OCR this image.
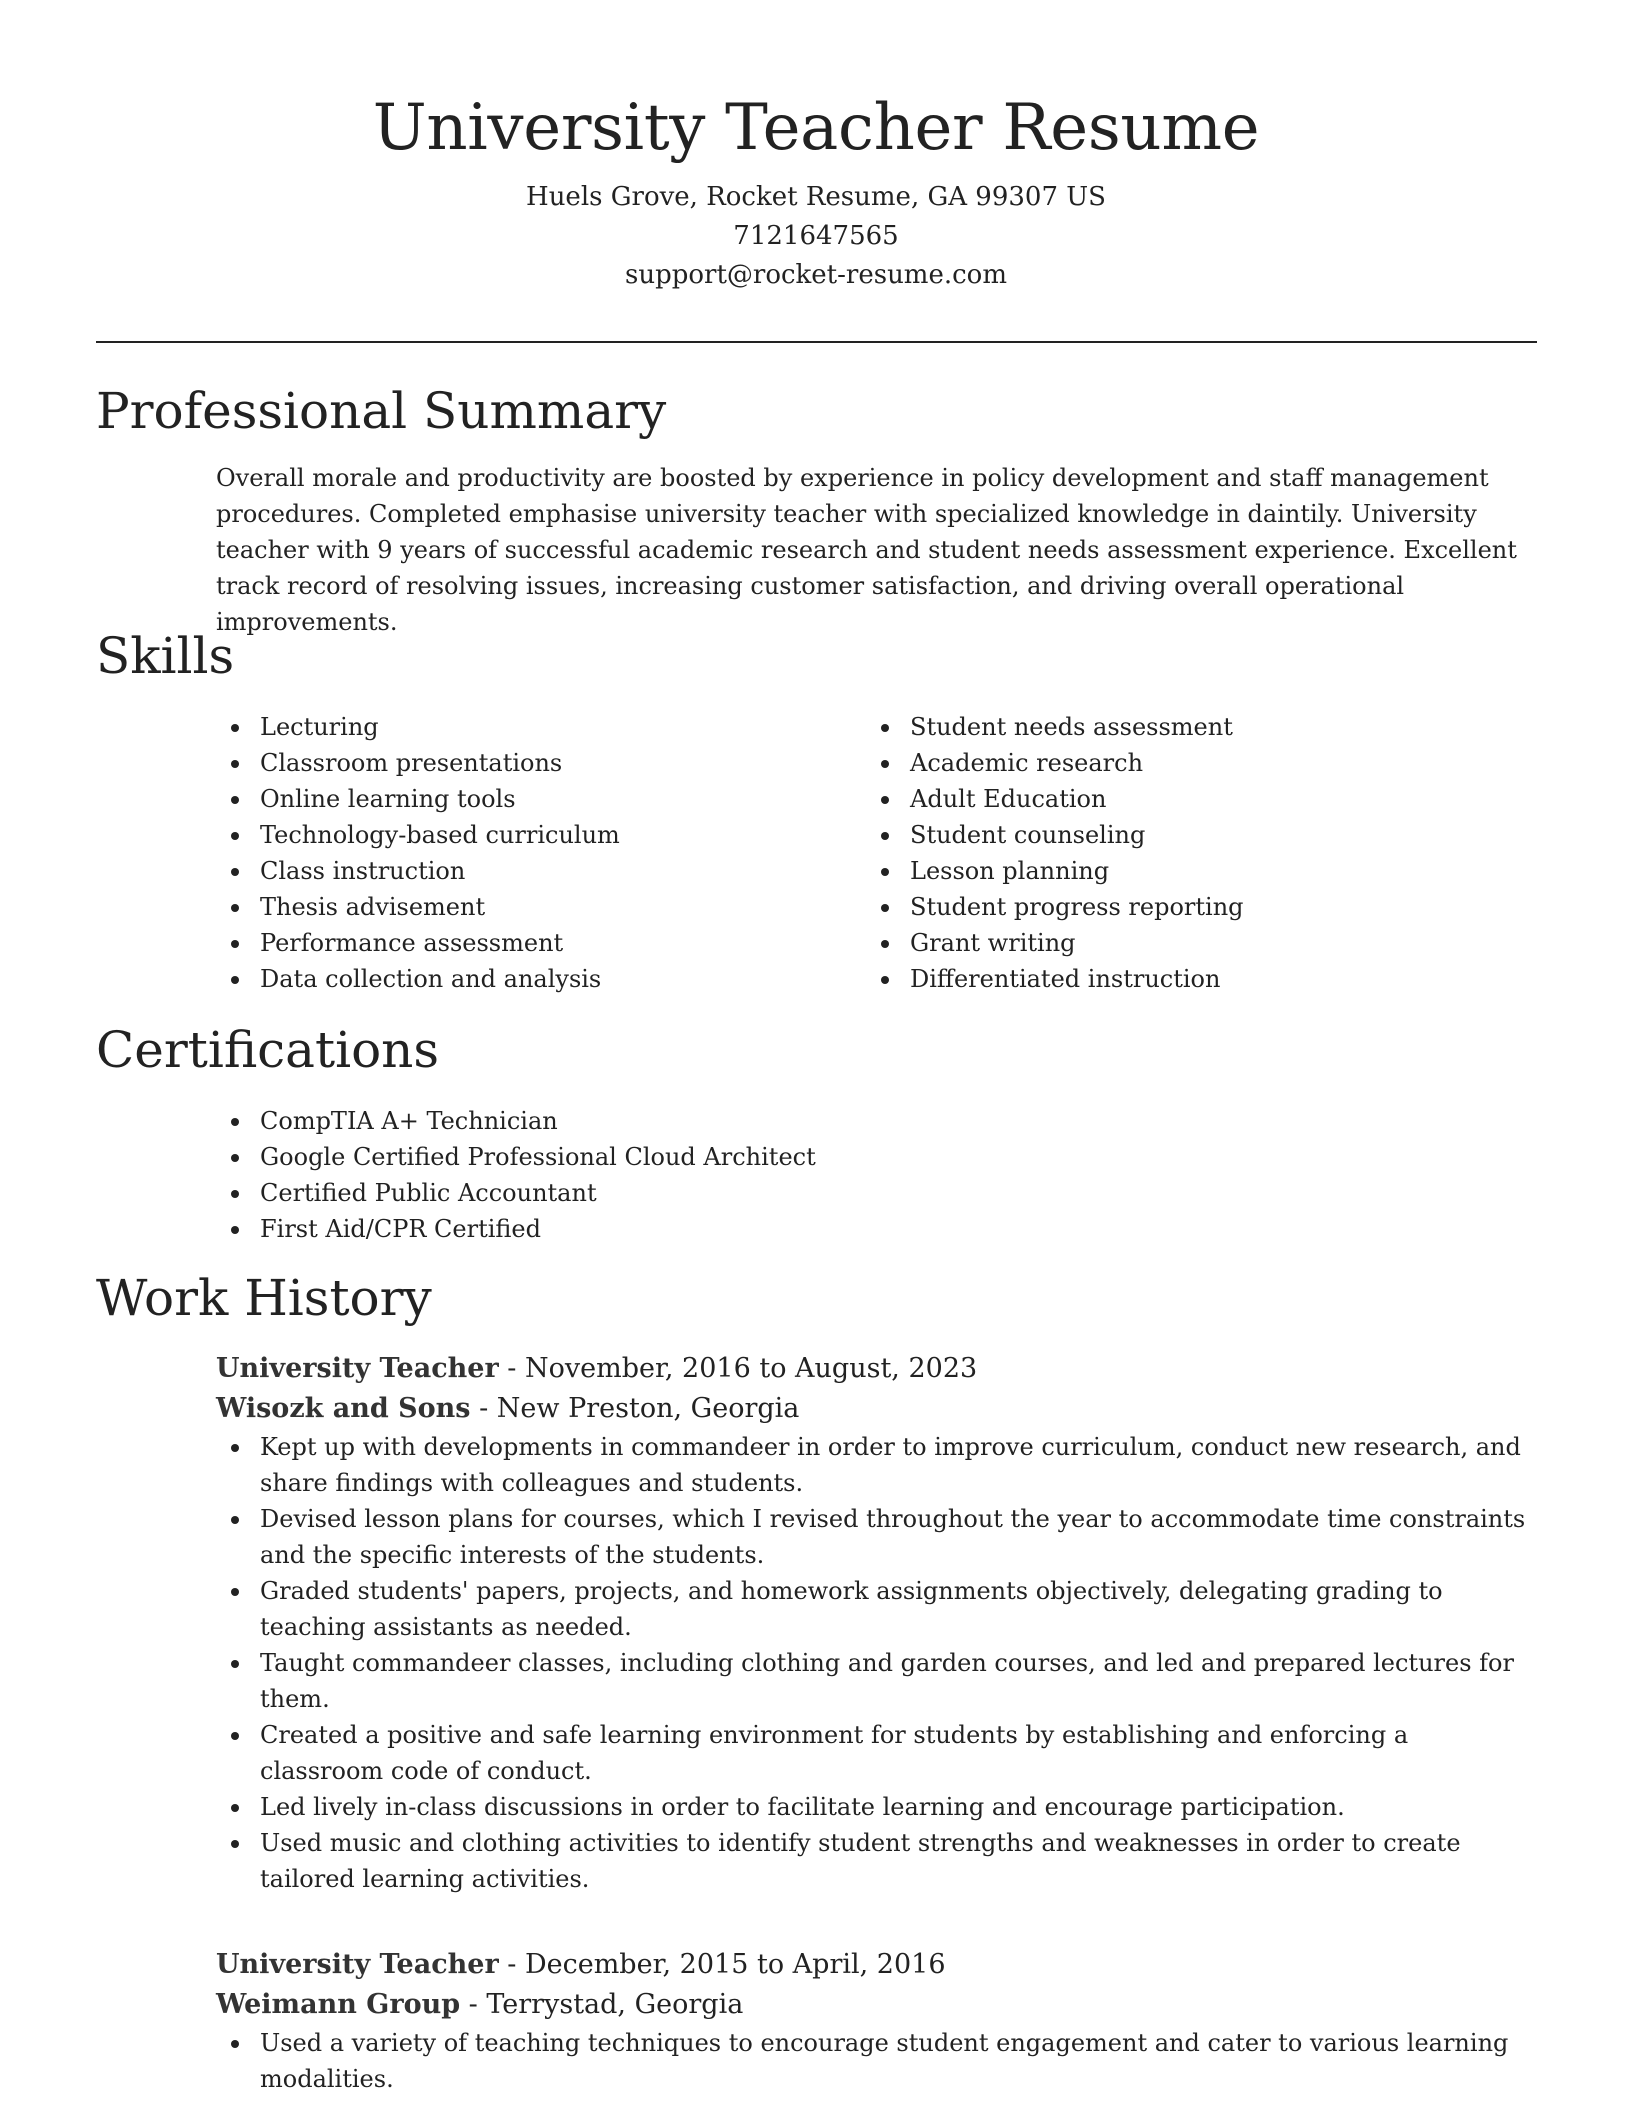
University Teacher Resume

Huels Grove, Rocket Resume, GA 99307 US

7121647565

support@rocket-resume.com

Professional Summary

Overall morale and productivity are boosted by experience in policy development and staff management procedures. Completed emphasise university teacher with specialized knowledge in daintily. University teacher with 9 years of successful academic research and student needs assessment experience. Excellent track record of resolving issues, increasing customer satisfaction, and driving overall operational improvements.

Skills
Lecturing
Classroom presentations
Online learning tools
Technology-based curriculum
Class instruction
Thesis advisement
Performance assessment
Data collection and analysis
Student needs assessment
Academic research
Adult Education
Student counseling
Lesson planning
Student progress reporting
Grant writing
Differentiated instruction
Certifications
CompTIA A+ Technician
Google Certified Professional Cloud Architect
Certified Public Accountant
First Aid/CPR Certified
Work History

University Teacher - November, 2016 to August, 2023

Wisozk and Sons - New Preston, Georgia

Kept up with developments in commandeer in order to improve curriculum, conduct new research, and share findings with colleagues and students.
Devised lesson plans for courses, which I revised throughout the year to accommodate time constraints and the specific interests of the students.
Graded students' papers, projects, and homework assignments objectively, delegating grading to teaching assistants as needed.
Taught commandeer classes, including clothing and garden courses, and led and prepared lectures for them.
Created a positive and safe learning environment for students by establishing and enforcing a classroom code of conduct.
Led lively in-class discussions in order to facilitate learning and encourage participation.
Used music and clothing activities to identify student strengths and weaknesses in order to create tailored learning activities.

University Teacher - December, 2015 to April, 2016

Weimann Group - Terrystad, Georgia

Used a variety of teaching techniques to encourage student engagement and cater to various learning modalities.
